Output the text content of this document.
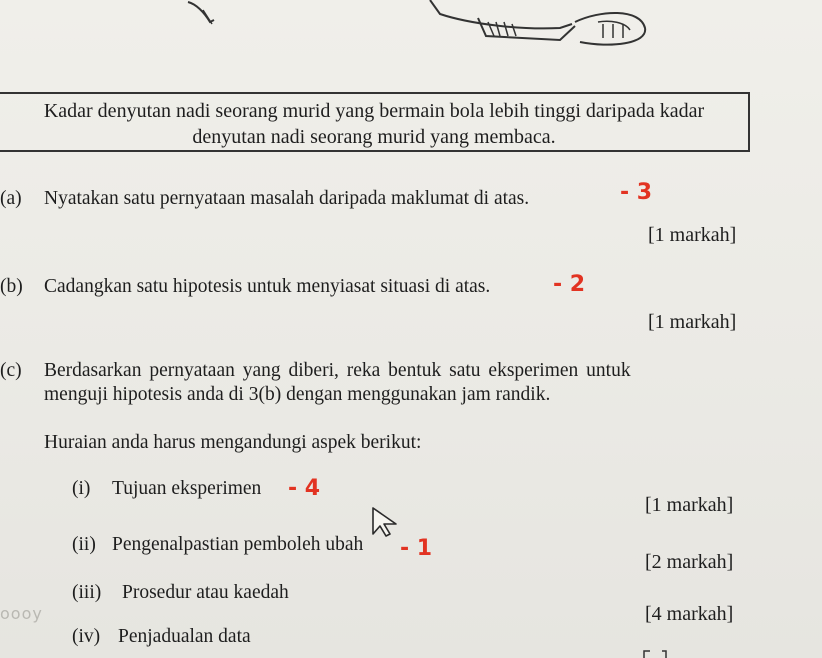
Kadar denyutan nadi seorang murid yang bermain bola lebih tinggi daripada kadar
denyutan nadi seorang murid yang membaca.
(a) Nyatakan satu pernyataan masalah daripada maklumat di atas.	- 3
[1 markah]
(b) Cadangkan satu hipotesis untuk menyiasat situasi di atas.	- 2
[1 markah]
(c) Berdasarkan pernyataan yang diberi, reka bentuk satu eksperimen untuk
menguji hipotesis anda di 3(b) dengan menggunakan jam randik.
Huraian anda harus mengandungi aspek berikut:
(i) Tujuan eksperimen - 4
[1 markah]
(ii) Pengenalpastian pemboleh ubah - 1
[2 markah]
(iii) Prosedur atau kaedah
[4 markah]
oooy
(iv) Penjadualan data
